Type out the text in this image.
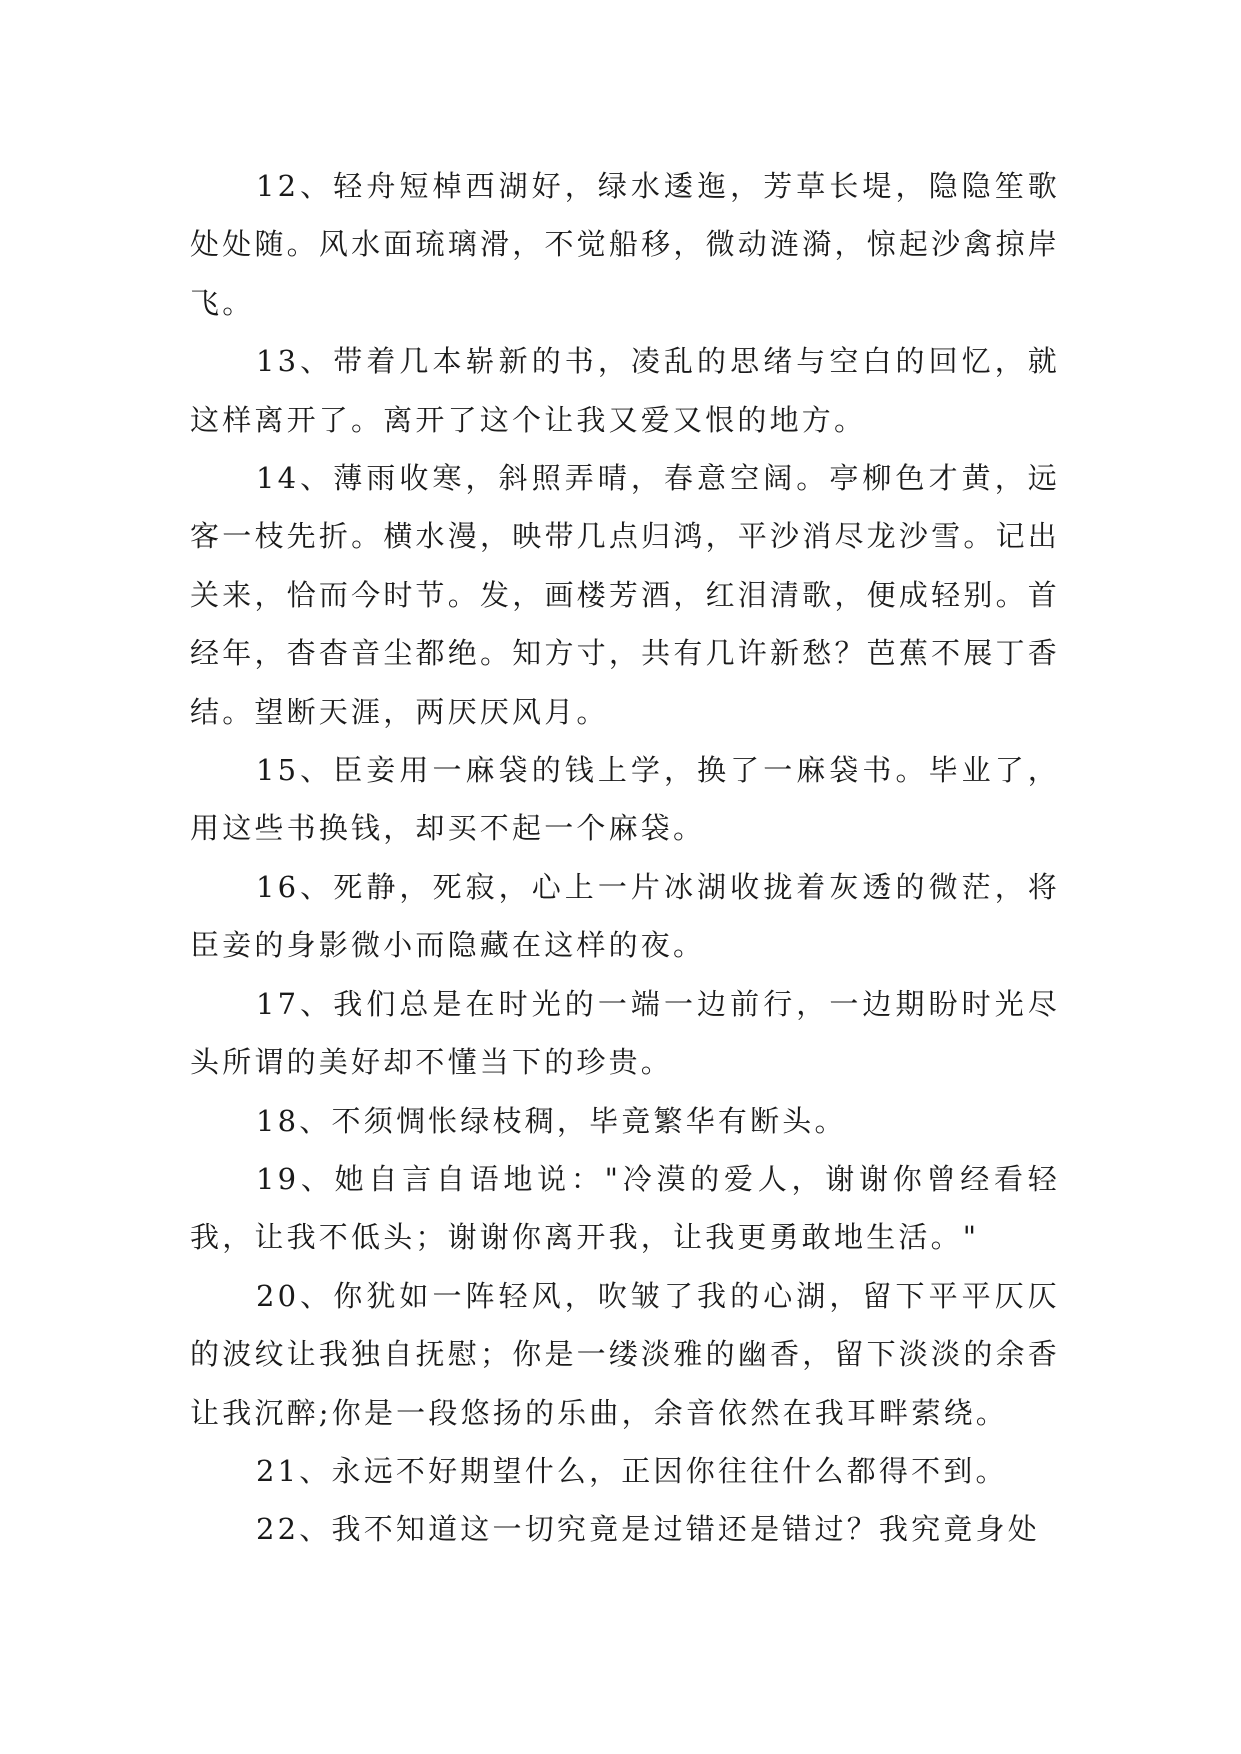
12、轻舟短棹西湖好，绿水逶迤，芳草长堤，隐隐笙歌处处随。风水面琉璃滑，不觉船移，微动涟漪，惊起沙禽掠岸飞。

13、带着几本崭新的书，凌乱的思绪与空白的回忆，就这样离开了。离开了这个让我又爱又恨的地方。

14、薄雨收寒，斜照弄晴，春意空阔。亭柳色才黄，远客一枝先折。横水漫，映带几点归鸿，平沙消尽龙沙雪。记出关来，恰而今时节。发，画楼芳酒，红泪清歌，便成轻别。首经年，杳杳音尘都绝。知方寸，共有几许新愁？芭蕉不展丁香结。望断天涯，两厌厌风月。

15、臣妾用一麻袋的钱上学，换了一麻袋书。毕业了，用这些书换钱，却买不起一个麻袋。

16、死静，死寂，心上一片冰湖收拢着灰透的微茫，将臣妾的身影微小而隐藏在这样的夜。

17、我们总是在时光的一端一边前行，一边期盼时光尽头所谓的美好却不懂当下的珍贵。

18、不须惆怅绿枝稠，毕竟繁华有断头。

19、她自言自语地说："冷漠的爱人，谢谢你曾经看轻我，让我不低头；谢谢你离开我，让我更勇敢地生活。"

20、你犹如一阵轻风，吹皱了我的心湖，留下平平仄仄的波纹让我独自抚慰；你是一缕淡雅的幽香，留下淡淡的余香让我沉醉;你是一段悠扬的乐曲，余音依然在我耳畔萦绕。

21、永远不好期望什么，正因你往往什么都得不到。

22、我不知道这一切究竟是过错还是错过？我究竟身处
